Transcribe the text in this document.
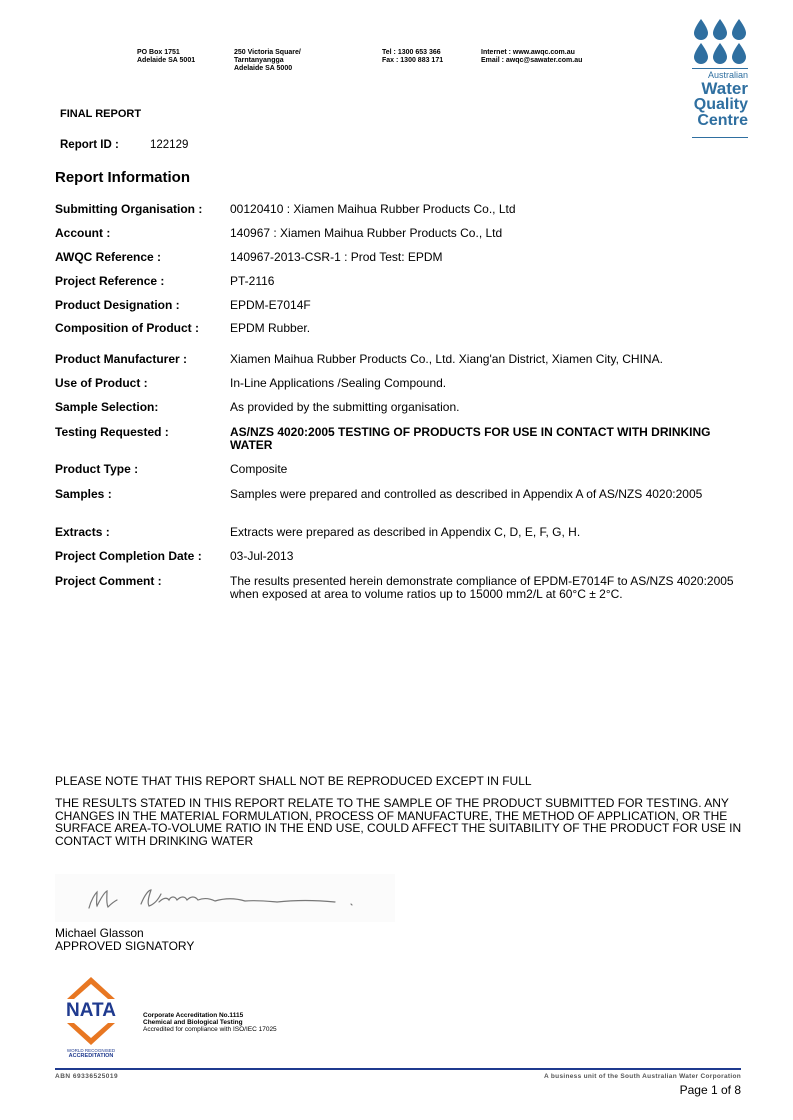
PO Box 1751
Adelaide SA 5001
250 Victoria Square/
Tarntanyangga
Adelaide SA 5000
Tel : 1300 653 366
Fax : 1300 883 171
Internet : www.awqc.com.au
Email : awqc@sawater.com.au
Australian
Water
Quality
Centre
FINAL REPORT
Report ID :	122129
Report Information
Submitting Organisation : 00120410 : Xiamen Maihua Rubber Products Co., Ltd
Account :	140967 : Xiamen Maihua Rubber Products Co., Ltd
AWQC Reference :	140967-2013-CSR-1 : Prod Test: EPDM
Project Reference :	PT-2116
Product Designation :	EPDM-E7014F
Composition of Product :	EPDM Rubber.
Product Manufacturer :	Xiamen Maihua Rubber Products Co., Ltd. Xiang'an District, Xiamen City, CHINA.
Use of Product :	In-Line Applications /Sealing Compound.
Sample Selection:	As provided by the submitting organisation.
Testing Requested :	AS/NZS 4020:2005 TESTING OF PRODUCTS FOR USE IN CONTACT WITH DRINKING WATER
Product Type :	Composite
Samples :	Samples were prepared and controlled as described in Appendix A of AS/NZS 4020:2005
Extracts :	Extracts were prepared as described in Appendix C, D, E, F, G, H.
Project Completion Date : 03-Jul-2013
Project Comment :	The results presented herein demonstrate compliance of EPDM-E7014F to AS/NZS 4020:2005 when exposed at area to volume ratios up to 15000 mm2/L at 60°C ± 2°C.
PLEASE NOTE THAT THIS REPORT SHALL NOT BE REPRODUCED EXCEPT IN FULL
THE RESULTS STATED IN THIS REPORT RELATE TO THE SAMPLE OF THE PRODUCT SUBMITTED FOR TESTING. ANY CHANGES IN THE MATERIAL FORMULATION, PROCESS OF MANUFACTURE, THE METHOD OF APPLICATION, OR THE SURFACE AREA-TO-VOLUME RATIO IN THE END USE, COULD AFFECT THE SUITABILITY OF THE PRODUCT FOR USE IN CONTACT WITH DRINKING WATER
Michael Glasson
APPROVED SIGNATORY
NATA
WORLD RECOGNISED
ACCREDITATION
Corporate Accreditation No.1115
Chemical and Biological Testing
Accredited for compliance with ISO/IEC 17025
ABN 69336525019	A business unit of the South Australian Water Corporation
Page 1 of 8
